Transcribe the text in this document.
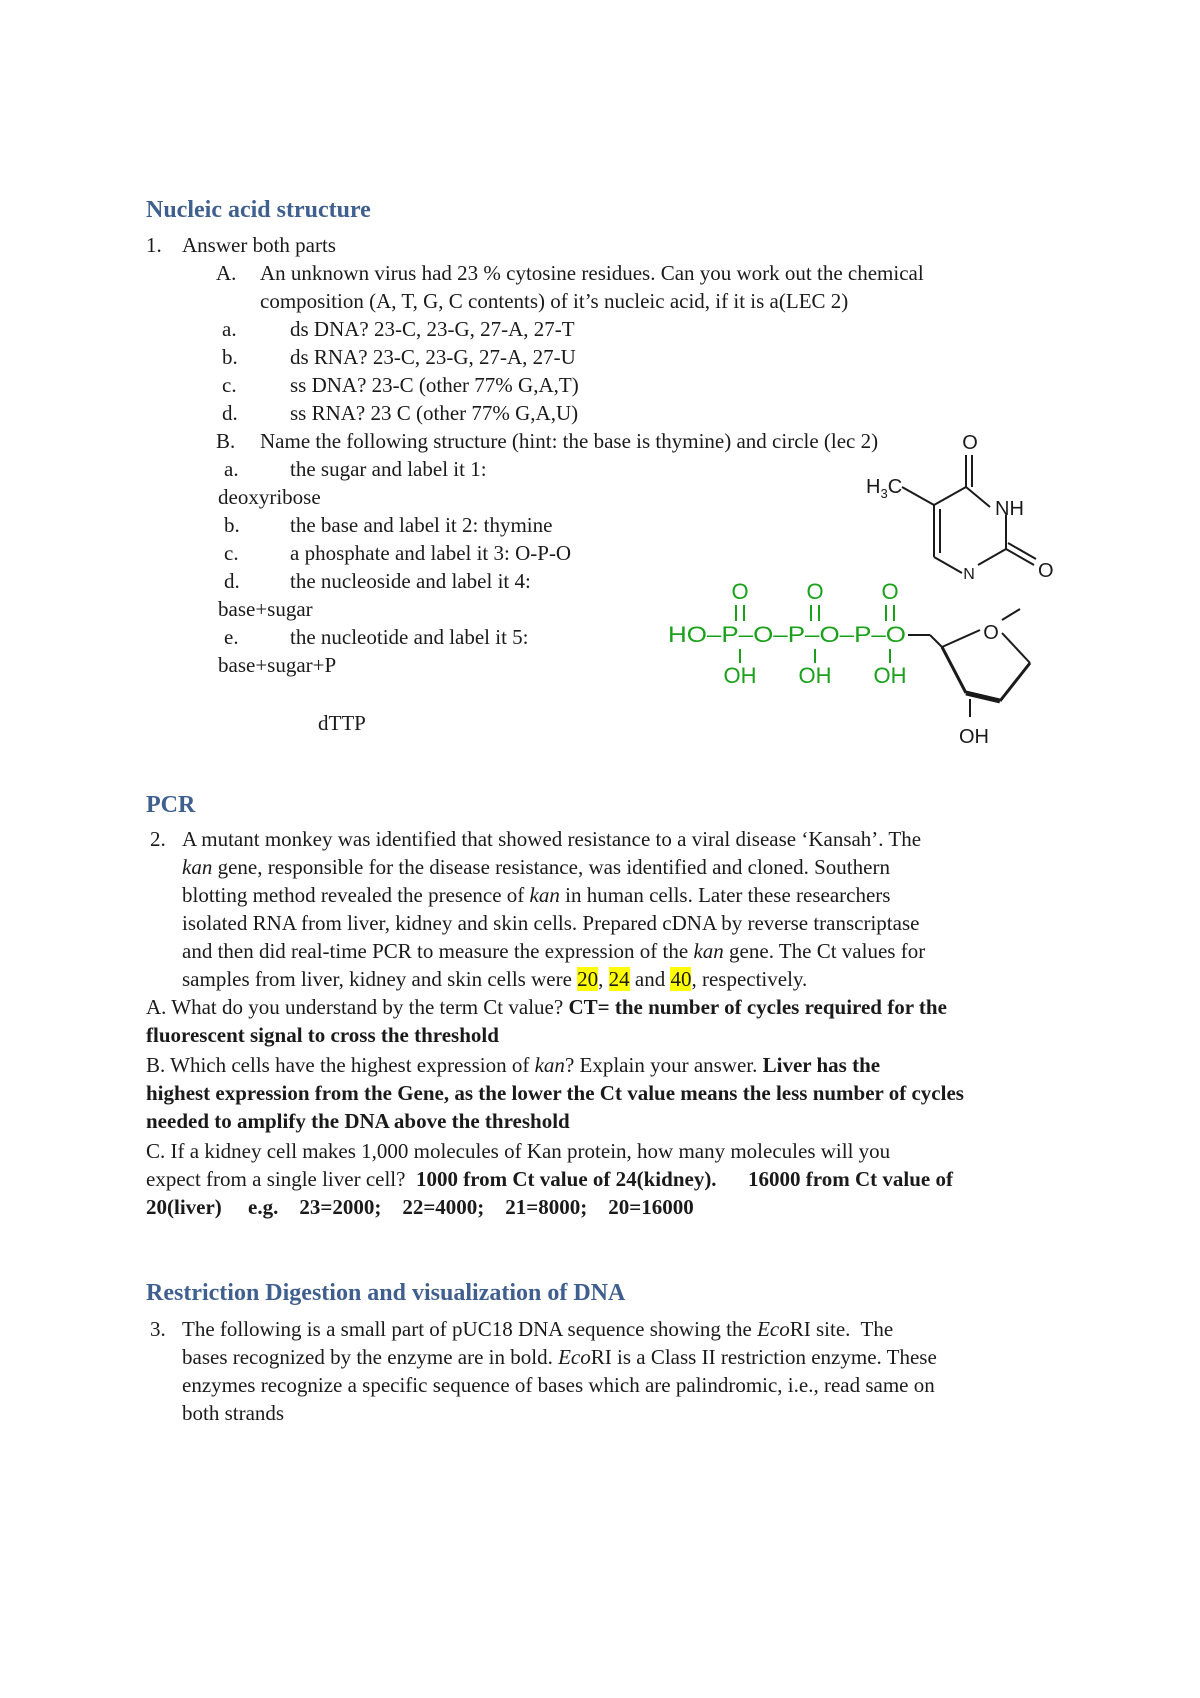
Nucleic acid structure
1. Answer both parts
A. An unknown virus had 23 % cytosine residues. Can you work out the chemical
composition (A, T, G, C contents) of it’s nucleic acid, if it is a(LEC 2)
a.	ds DNA? 23-C, 23-G, 27-A, 27-T
b. ds RNA? 23-C, 23-G, 27-A, 27-U
c.	ss DNA? 23-C (other 77% G,A,T)
d. ss RNA? 23 C (other 77% G,A,U)
B. Name the following structure (hint: the base is thymine) and circle (lec 2)
a. the sugar and label it 1:
deoxyribose
b. the base and label it 2: thymine
c. a phosphate and label it 3: O-P-O
d. the nucleoside and label it 4:
base+sugar
e. the nucleotide and label it 5:
base+sugar+P
dTTP
O	O	O
HO–P–O–P–O–P–O
OH OH OH
O
OH
O
$H_3C$
NH
N	O
PCR
2. A mutant monkey was identified that showed resistance to a viral disease ‘Kansah’. The
kan gene, responsible for the disease resistance, was identified and cloned. Southern
blotting method revealed the presence of kan in human cells. Later these researchers
isolated RNA from liver, kidney and skin cells. Prepared cDNA by reverse transcriptase
and then did real-time PCR to measure the expression of the kan gene. The Ct values for
samples from liver, kidney and skin cells were 20, 24 and 40, respectively.
A. What do you understand by the term Ct value? CT= the number of cycles required for the
fluorescent signal to cross the threshold
B. Which cells have the highest expression of kan? Explain your answer. Liver has the
highest expression from the Gene, as the lower the Ct value means the less number of cycles
needed to amplify the DNA above the threshold
C. If a kidney cell makes 1,000 molecules of Kan protein, how many molecules will you
expect from a single liver cell?  1000 from Ct value of 24(kidney).      16000 from Ct value of
20(liver)     e.g.    23=2000;    22=4000;    21=8000;    20=16000
Restriction Digestion and visualization of DNA
3. The following is a small part of pUC18 DNA sequence showing the EcoRI site.  The
bases recognized by the enzyme are in bold. EcoRI is a Class II restriction enzyme. These
enzymes recognize a specific sequence of bases which are palindromic, i.e., read same on
both strands
